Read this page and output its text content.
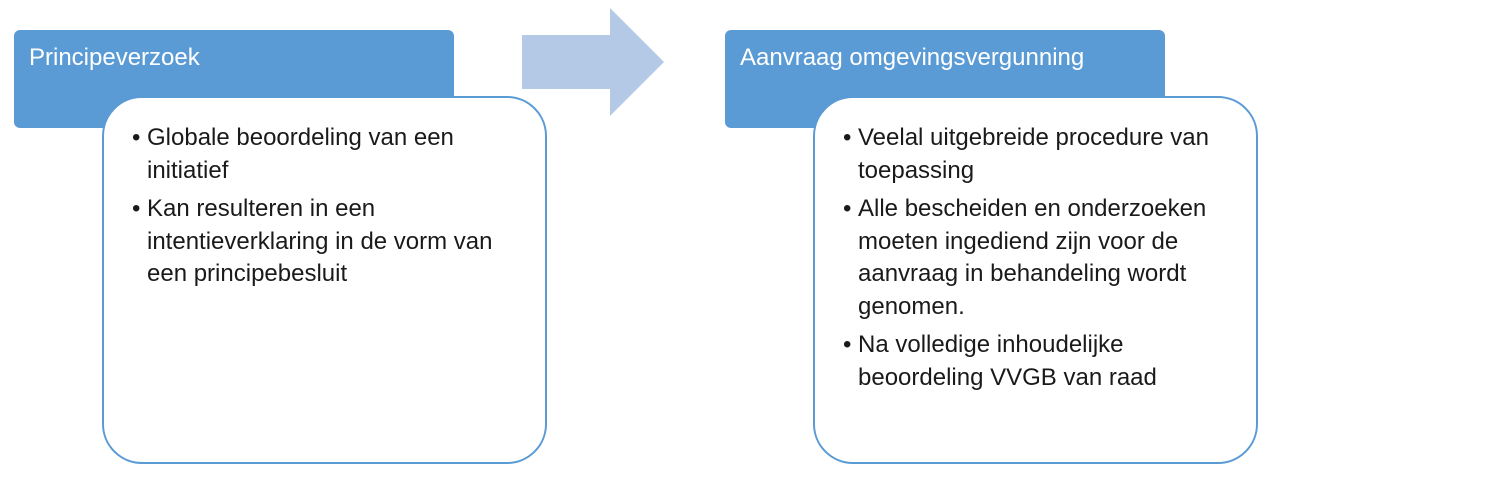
Principeverzoek
• Globale beoordeling van een initiatief
• Kan resulteren in een intentieverklaring in de vorm van een principebesluit
Aanvraag omgevingsvergunning
• Veelal uitgebreide procedure van toepassing
• Alle bescheiden en onderzoeken moeten ingediend zijn voor de aanvraag in behandeling wordt genomen.
• Na volledige inhoudelijke beoordeling VVGB van raad
